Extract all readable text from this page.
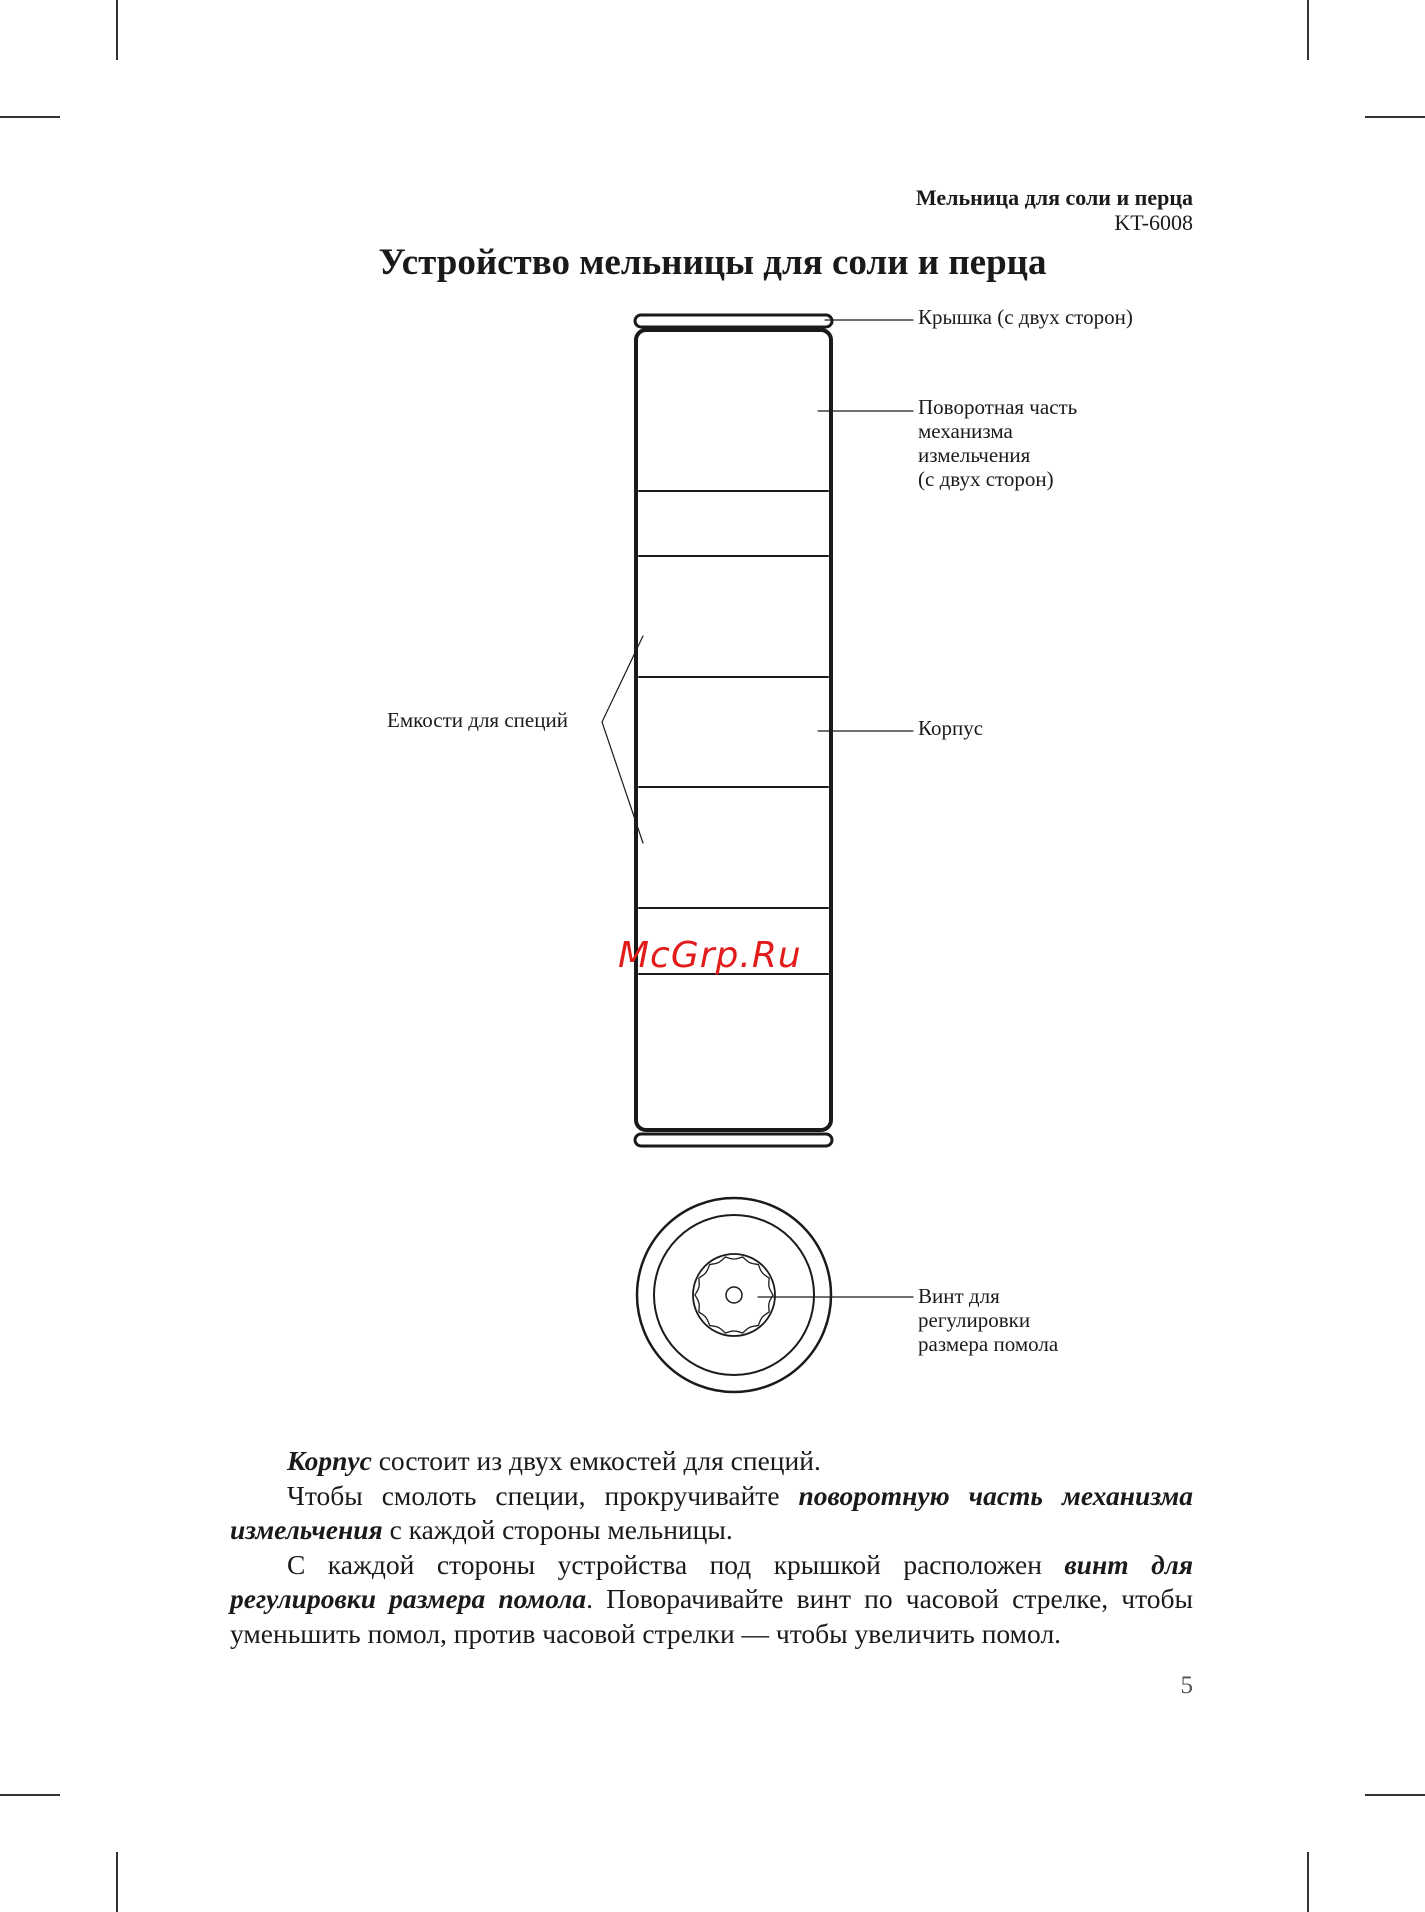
Мельница для соли и перца
KT-6008
Устройство мельницы для соли и перца
Крышка (с двух сторон)
Поворотная часть
механизма
измельчения
(с двух сторон)
Емкости для специй	Корпус
Винт для
регулировки
размера помола
McGrp.Ru

Корпус состоит из двух емкостей для специй.

Чтобы смолоть специи, прокручивайте поворотную часть механизма измельчения с каждой стороны мельницы.

С каждой стороны устройства под крышкой расположен винт для регулировки размера помола. Поворачивайте винт по часовой стрелке, чтобы уменьшить помол, против часовой стрелки — чтобы увеличить помол.

5
